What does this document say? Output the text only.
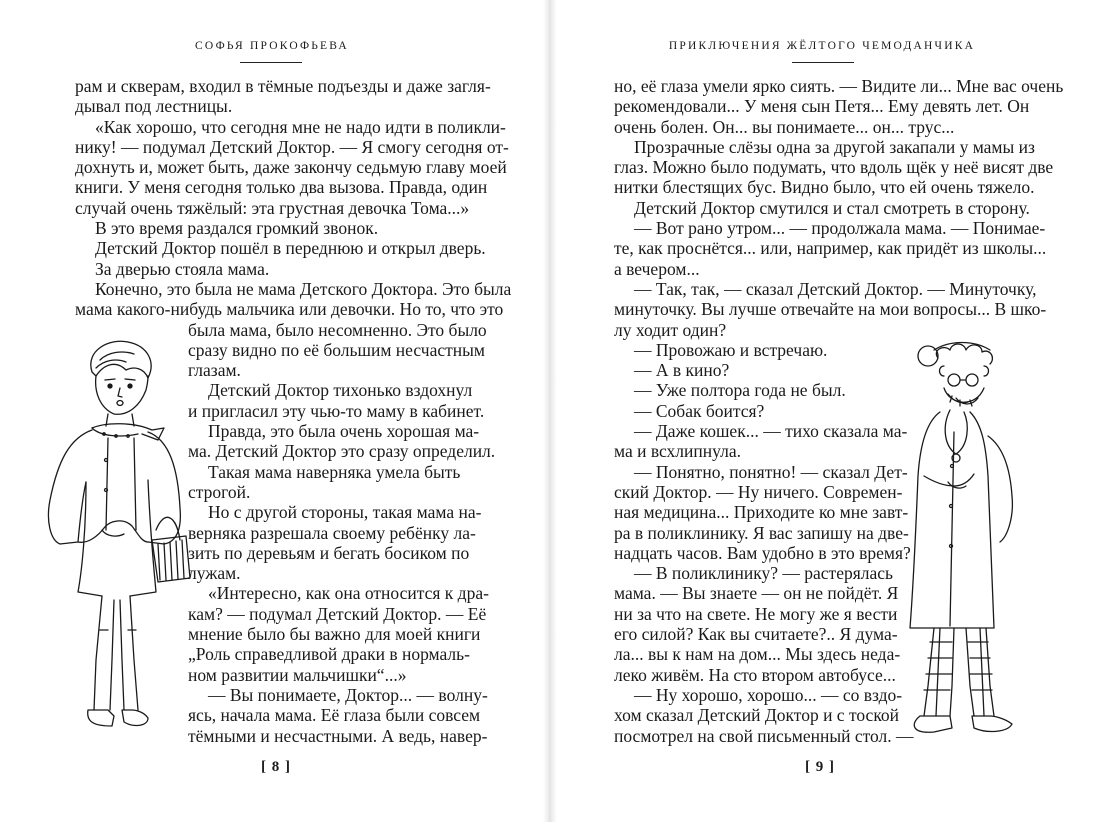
СОФЬЯ ПРОКОФЬЕВА
рам и скверам, входил в тёмные подъезды и даже загля-
дывал под лестницы.
«Как хорошо, что сегодня мне не надо идти в поликли-
нику! — подумал Детский Доктор. — Я смогу сегодня от-
дохнуть и, может быть, даже закончу седьмую главу моей
книги. У меня сегодня только два вызова. Правда, один
случай очень тяжёлый: эта грустная девочка Тома...»
В это время раздался громкий звонок.
Детский Доктор пошёл в переднюю и открыл дверь.
За дверью стояла мама.
Конечно, это была не мама Детского Доктора. Это была
мама какого-нибудь мальчика или девочки. Но то, что это
была мама, было несомненно. Это было
сразу видно по её большим несчастным
глазам.
Детский Доктор тихонько вздохнул
и пригласил эту чью-то маму в кабинет.
Правда, это была очень хорошая ма-
ма. Детский Доктор это сразу определил.
Такая мама наверняка умела быть
строгой.
Но с другой стороны, такая мама на-
верняка разрешала своему ребёнку ла-
зить по деревьям и бегать босиком по
лужам.
«Интересно, как она относится к дра-
кам? — подумал Детский Доктор. — Её
мнение было бы важно для моей книги
„Роль справедливой драки в нормаль-
ном развитии мальчишки“...»
— Вы понимаете, Доктор... — волну-
ясь, начала мама. Её глаза были совсем
тёмными и несчастными. А ведь, навер-
[ 8 ]
ПРИКЛЮЧЕНИЯ ЖЁЛТОГО ЧЕМОДАНЧИКА
но, её глаза умели ярко сиять. — Видите ли... Мне вас очень
рекомендовали... У меня сын Петя... Ему девять лет. Он
очень болен. Он... вы понимаете... он... трус...
Прозрачные слёзы одна за другой закапали у мамы из
глаз. Можно было подумать, что вдоль щёк у неё висят две
нитки блестящих бус. Видно было, что ей очень тяжело.
Детский Доктор смутился и стал смотреть в сторону.
— Вот рано утром... — продолжала мама. — Понимае-
те, как проснётся... или, например, как придёт из школы...
а вечером...
— Так, так, — сказал Детский Доктор. — Минуточку,
минуточку. Вы лучше отвечайте на мои вопросы... В шко-
лу ходит один?
— Провожаю и встречаю.
— А в кино?
— Уже полтора года не был.
— Собак боится?
— Даже кошек... — тихо сказала ма-
ма и всхлипнула.
— Понятно, понятно! — сказал Дет-
ский Доктор. — Ну ничего. Современ-
ная медицина... Приходите ко мне завт-
ра в поликлинику. Я вас запишу на две-
надцать часов. Вам удобно в это время?
— В поликлинику? — растерялась
мама. — Вы знаете — он не пойдёт. Я
ни за что на свете. Не могу же я вести
его силой? Как вы считаете?.. Я дума-
ла... вы к нам на дом... Мы здесь неда-
леко живём. На сто втором автобусе...
— Ну хорошо, хорошо... — со вздо-
хом сказал Детский Доктор и с тоской
посмотрел на свой письменный стол. —
[ 9 ]
